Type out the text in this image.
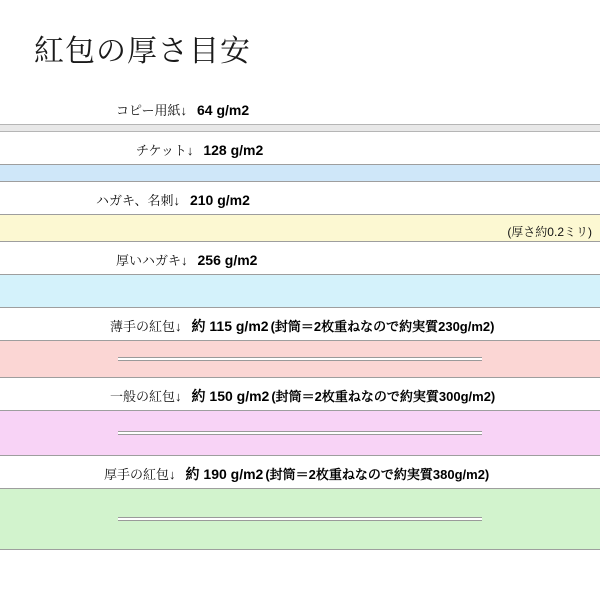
紅包の厚さ目安
コピー用紙↓ 64 g/m2
チケット↓ 128 g/m2
ハガキ、名刺↓ 210 g/m2
(厚さ約0.2ミリ)
厚いハガキ↓ 256 g/m2
薄手の紅包↓ 約 115 g/m2 (封筒＝2枚重ねなので約実質230g/m2)
一般の紅包↓ 約 150 g/m2 (封筒＝2枚重ねなので約実質300g/m2)
厚手の紅包↓ 約 190 g/m2 (封筒＝2枚重ねなので約実質380g/m2)
